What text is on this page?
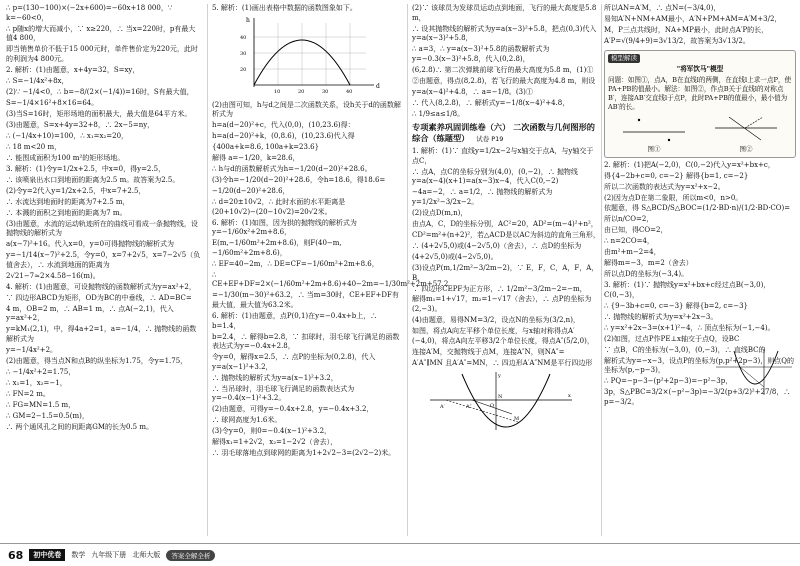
∴ p=(130−100)×(−2x+600)=−60x+18 000，∵ k=−60<0，

∴ p随x的增大而减小，∵ x≥220，∴ 当x=220时，p有最大值4 800，

即当销售单价不低于15 000元时，单件售价定为220元，此时的利润为4 800元。

2. 解析：(1)由题意，x+4y=32，S=xy，

∴ S=−1/4x²+8x，

(2)∵ −1/4<0，∴ b=−8/(2×(−1/4))=16时，S有最大值，

S=−1/4×16²+8×16=64。

(3)当S=16时，矩形场地的面积最大，最大值是64平方米。

(3)由题意，S=x+4y=32+8，∴ 2x−5=ny，

∴ (−1/4x+10)=100，∴ x₁=x₂=20，

∴ 18 m<20 m，

∴ 能围成面积为100 m²的矩形场地。

3. 解析：(1)令y=1/2x+2.5，中x=0，得y=2.5，

∴ 该喷泉出水口到地面的距离为2.5 m。故答案为2.5。

(2)令y=2代入y=1/2x+2.5，中x=7+2.5，

∴ 水流达到地面时的距离为7+2.5 m，

∴ 本溅的面积之到地面的距离为7 m。

(3)由题意，水流的运动轨迹所在的曲线可看成一条抛物线，设抛物线的解析式为

a(x−7)²+16。代入x=0，y=0可得抛物线的解析式为

y=−1/14(x−7)²+2.5，令y=0，x=7+2√5，x=7−2√5（负值舍去），∴ 水流到地面的距离为

2√21−7≈2×4.58−16(m)。

4. 解析：(1)由题意，可设抛物线的函数解析式为y=ax²+2，

∵ 四边形ABCD为矩形，OD为BC的中垂线，∴ AD=BC=

4 m，OB=2 m，∴ AB=1 m，∴ 点A(−2,1)，代入y=ax²+2，

y=kM₁(2,1)，中，得4a+2=1，a=−1/4，∴ 抛物线的函数解析式为

y=−1/4x²+2。

(2)由题意，得当点N和点B的纵坐标为1.75，令y=1.75，

∴ −1/4x²+2=1.75，

∴ x₁=1，x₂=−1，

∴ FN=2 m。

∴ FG=MN=1.5 m，

∴ GM=2−1.5=0.5(m)，

∴ 两个通风孔之间的间距离GM的长为0.5 m。

5. 解析：(1)画出表格中数据的函数图象如下。

h
d
40
30
20
10	20	30	40

(2)由图可知，h与d之间是二次函数关系，设h关于d的函数解析式为

h=a(d−20)²+c，代入(0,0)，(10,23.6)得：

h=a(d−20)²+k，(0,8.6)，(10,23.6)代入得

{400a+k=8.6, 100a+k=23.6}

解得 a=−1/20，k=28.6，

∴ h与d的函数解析式为h=−1/20(d−20)²+28.6。

(3)令h=−1/20(d−20)²+28.6，令h=18.6，得18.6=

−1/20(d−20)²+28.6，

∴ d=20±10√2，∴ 此时水面的水平距离是(20+10√2)−(20−10√2)=20√2米。

6. 解析：(1)如图，因为拱的抛物线的解析式为y=−1/60x²+2m+8.6，

E(m,−1/60m²+2m+8.6)，则F(40−m,−1/60m²+2m+8.6)，

∴ EF=40−2m，∴ DE=CF=−1/60m²+2m+8.6，

∴ CE+EF+DF=2×(−1/60m²+2m+8.6)+40−2m=−1/30m²+2m+57.2

=−1/30(m−30)²+63.2，∴ 当m=30时，CE+EF+DF有最大值，最大值为63.2米。

6. 解析：(1)由题意，点P(0,1)在y=−0.4x+b上，∴ b=1.4，

b=2.4，∴ 解得b=2.8，∵ 扣球时，羽毛球飞行满足的函数表达式为y=−0.4x+2.8，

令y=0，解得x=2.5，∴ 点P的坐标为(0,2.8)，代入y=a(x−1)²+3.2，

∴ 抛物线的解析式为y=a(x−1)²+3.2，

∴ 当吊球时，羽毛球飞行满足的函数表达式为y=−0.4(x−1)²+3.2。

(2)由题意，可得y=−0.4x+2.8，y=−0.4x+3.2，

∴ 球网高度为1.6米。

(3)令y=0，则0=−0.4(x−1)²+3.2，

解得x₁=1+2√2，x₂=1−2√2（舍去），

∴ 羽毛球落地点到球网的距离为1+2√2−3=(2√2−2)米。

(2)∵ 该球员为发球员运动点到地面，飞行的最大高度是5.8 m，

∴ 设其抛物线的解析式为y=a(x−3)²+5.8，把点(0,3)代入y=a(x−3)²+5.8，

∴ a=3，∴ y=a(x−3)²+5.8的函数解析式为y=−0.3(x−3)²+5.8，代入(0,2.8)，

(6,2.8)∴ 第二次弹跳前球飞行的最大高度为5.8 m，(1)①

②由题意，得点(8,2.8)，若飞行的最大高度为4.8 m，则设

y=a(x−4)²+4.8，∴ a=−1/8。(3)①

∴ 代入(8,2.8)，∴ 解析式y=−1/8(x−4)²+4.8，

∴ 1/9≤a≤1/8。

专项素养巩固训练卷（六） 二次函数与几何图形的综合（练题型） 试卷 P19

1. 解析：(1)∵ 直线y=1/2x−2与x轴交于点A，与y轴交于点C，

∴ 点A，点C的坐标分别为(4,0)，(0,−2)，∴ 抛物线y=a(x−4)(x+1)=a(x−3)x−4，代入C(0,−2)

−4a=−2，∴ a=1/2，∴ 抛物线的解析式为y=1/2x²−3/2x−2。

(2)设点D(m,n)，

由点A，C，D的坐标分别，AC²=20，AD²=(m−4)²+n²，

CD²=m²+(n+2)²，若△ACD是以AC为斜边的直角三角形，

∴ (4+2√5,0)或(4−2√5,0)（舍去），∴ 点D的坐标为

(4+2√5,0)或(4−2√5,0)。

(3)设点P(m,1/2m²−3/2m−2)，∵ E，F，C，A，F，A，B，

∵ 四边形CEPF为正方形，∴ 1/2m²−3/2m−2=−m，

解得m₁=1+√17，m₂=1−√17（舍去），∴ 点P的坐标为(2,−3)。

(4)由题意，易得NM=3/2，设点N的坐标为(3/2,n)，

如图，将点A向左平移个单位长度，与x轴对称得点A′(−4,0)，将点A向左平移3/2个单位长度，得点A″(5/2,0)，

连接A′M，交抛物线于点M，连接A″N，则NA″=

A′A″∥MN 且A′A″=MN，∴ 四边形A′A″NM是平行四边形

A′	A″
M
N
O
x
y

所以AN=A′M，∴ 点N=(−3/4,0)，

易知A′N+NM+AM最小，A′N+PM+AM=A′M+3/2，

M，P三点共线时，NA+MP最小，此时点A′P的长，

A′P=√(9/4+9)=3√13/2，故答案为3√13/2。

模型解读
"将军饮马"模型
问题：如图①，点A，B在直线l的两侧，在直线l上求一点P，使PA+PB的值最小。解法：如图②，作点B关于直线l的对称点B′，连接AB′交直线l于点P，此时PA+PB的值最小，最小值为AB′的长。
图①	图②

2. 解析：(1)把A(−2,0)，C(0,−2)代入y=x²+bx+c，

得{4−2b+c=0, c=−2} 解得{b=1, c=−2}

所以二次函数的表达式为y=x²+x−2。

(2)因为点D在第二象限，所以m<0，n>0。

依题意，得 S△BCD/S△BOC=(1/2·BD·n)/(1/2·BD·CO)=

所以n/CO=2，

由已知，得CO=2，

∴ n=2CO=4，

由m²+m−2=4，

解得m=−3，m=2（舍去）

所以点D的坐标为(−3,4)。

3. 解析：(1)∵ 抛物线y=x²+bx+c经过点B(−3,0)，C(0,−3)，

∴ {9−3b+c=0, c=−3} 解得{b=2, c=−3}

∴ 抛物线的解析式为y=x²+2x−3。

∴ y=x²+2x−3=(x+1)²−4，∴ 顶点坐标为(−1,−4)。

(2)如图，过点P作PE⊥x轴交于点Q，设BC

∵ 点B，C的坐标为(−3,0)，(0,−3)，∴ 直线BC的

解析式为y=−x−3，设点P的坐标为(p,p²+2p−3)，则点Q的坐标为(p,−p−3)，

∴ PQ=−p−3−(p²+2p−3)=−p²−3p，

3p，S△PBC=3/2×(−p²−3p)=−3/2(p+3/2)²+27/8，∴ p=−3/2。

68	初中优卷	数学 九年级下册 北师大版	答案全解全析
